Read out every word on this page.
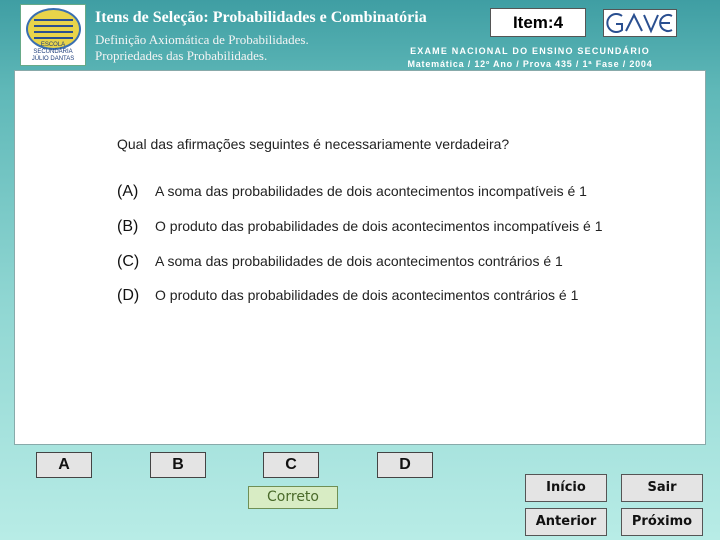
ESCOLA SECUNDÁRIA
JÚLIO DANTAS
Itens de Seleção: Probabilidades e Combinatória
Definição Axiomática de Probabilidades.
Propriedades das Probabilidades.
Item:4
EXAME NACIONAL DO ENSINO SECUNDÁRIO
Matemática / 12º Ano / Prova 435 / 1ª Fase / 2004
Qual das afirmações seguintes é necessariamente verdadeira?
(A) A soma das probabilidades de dois acontecimentos incompatíveis é 1
(B) O produto das probabilidades de dois acontecimentos incompatíveis é 1
(C) A soma das probabilidades de dois acontecimentos contrários é 1
(D) O produto das probabilidades de dois acontecimentos contrários é 1
A	B	C	D
Correto
Início	Sair
Anterior	Próximo
